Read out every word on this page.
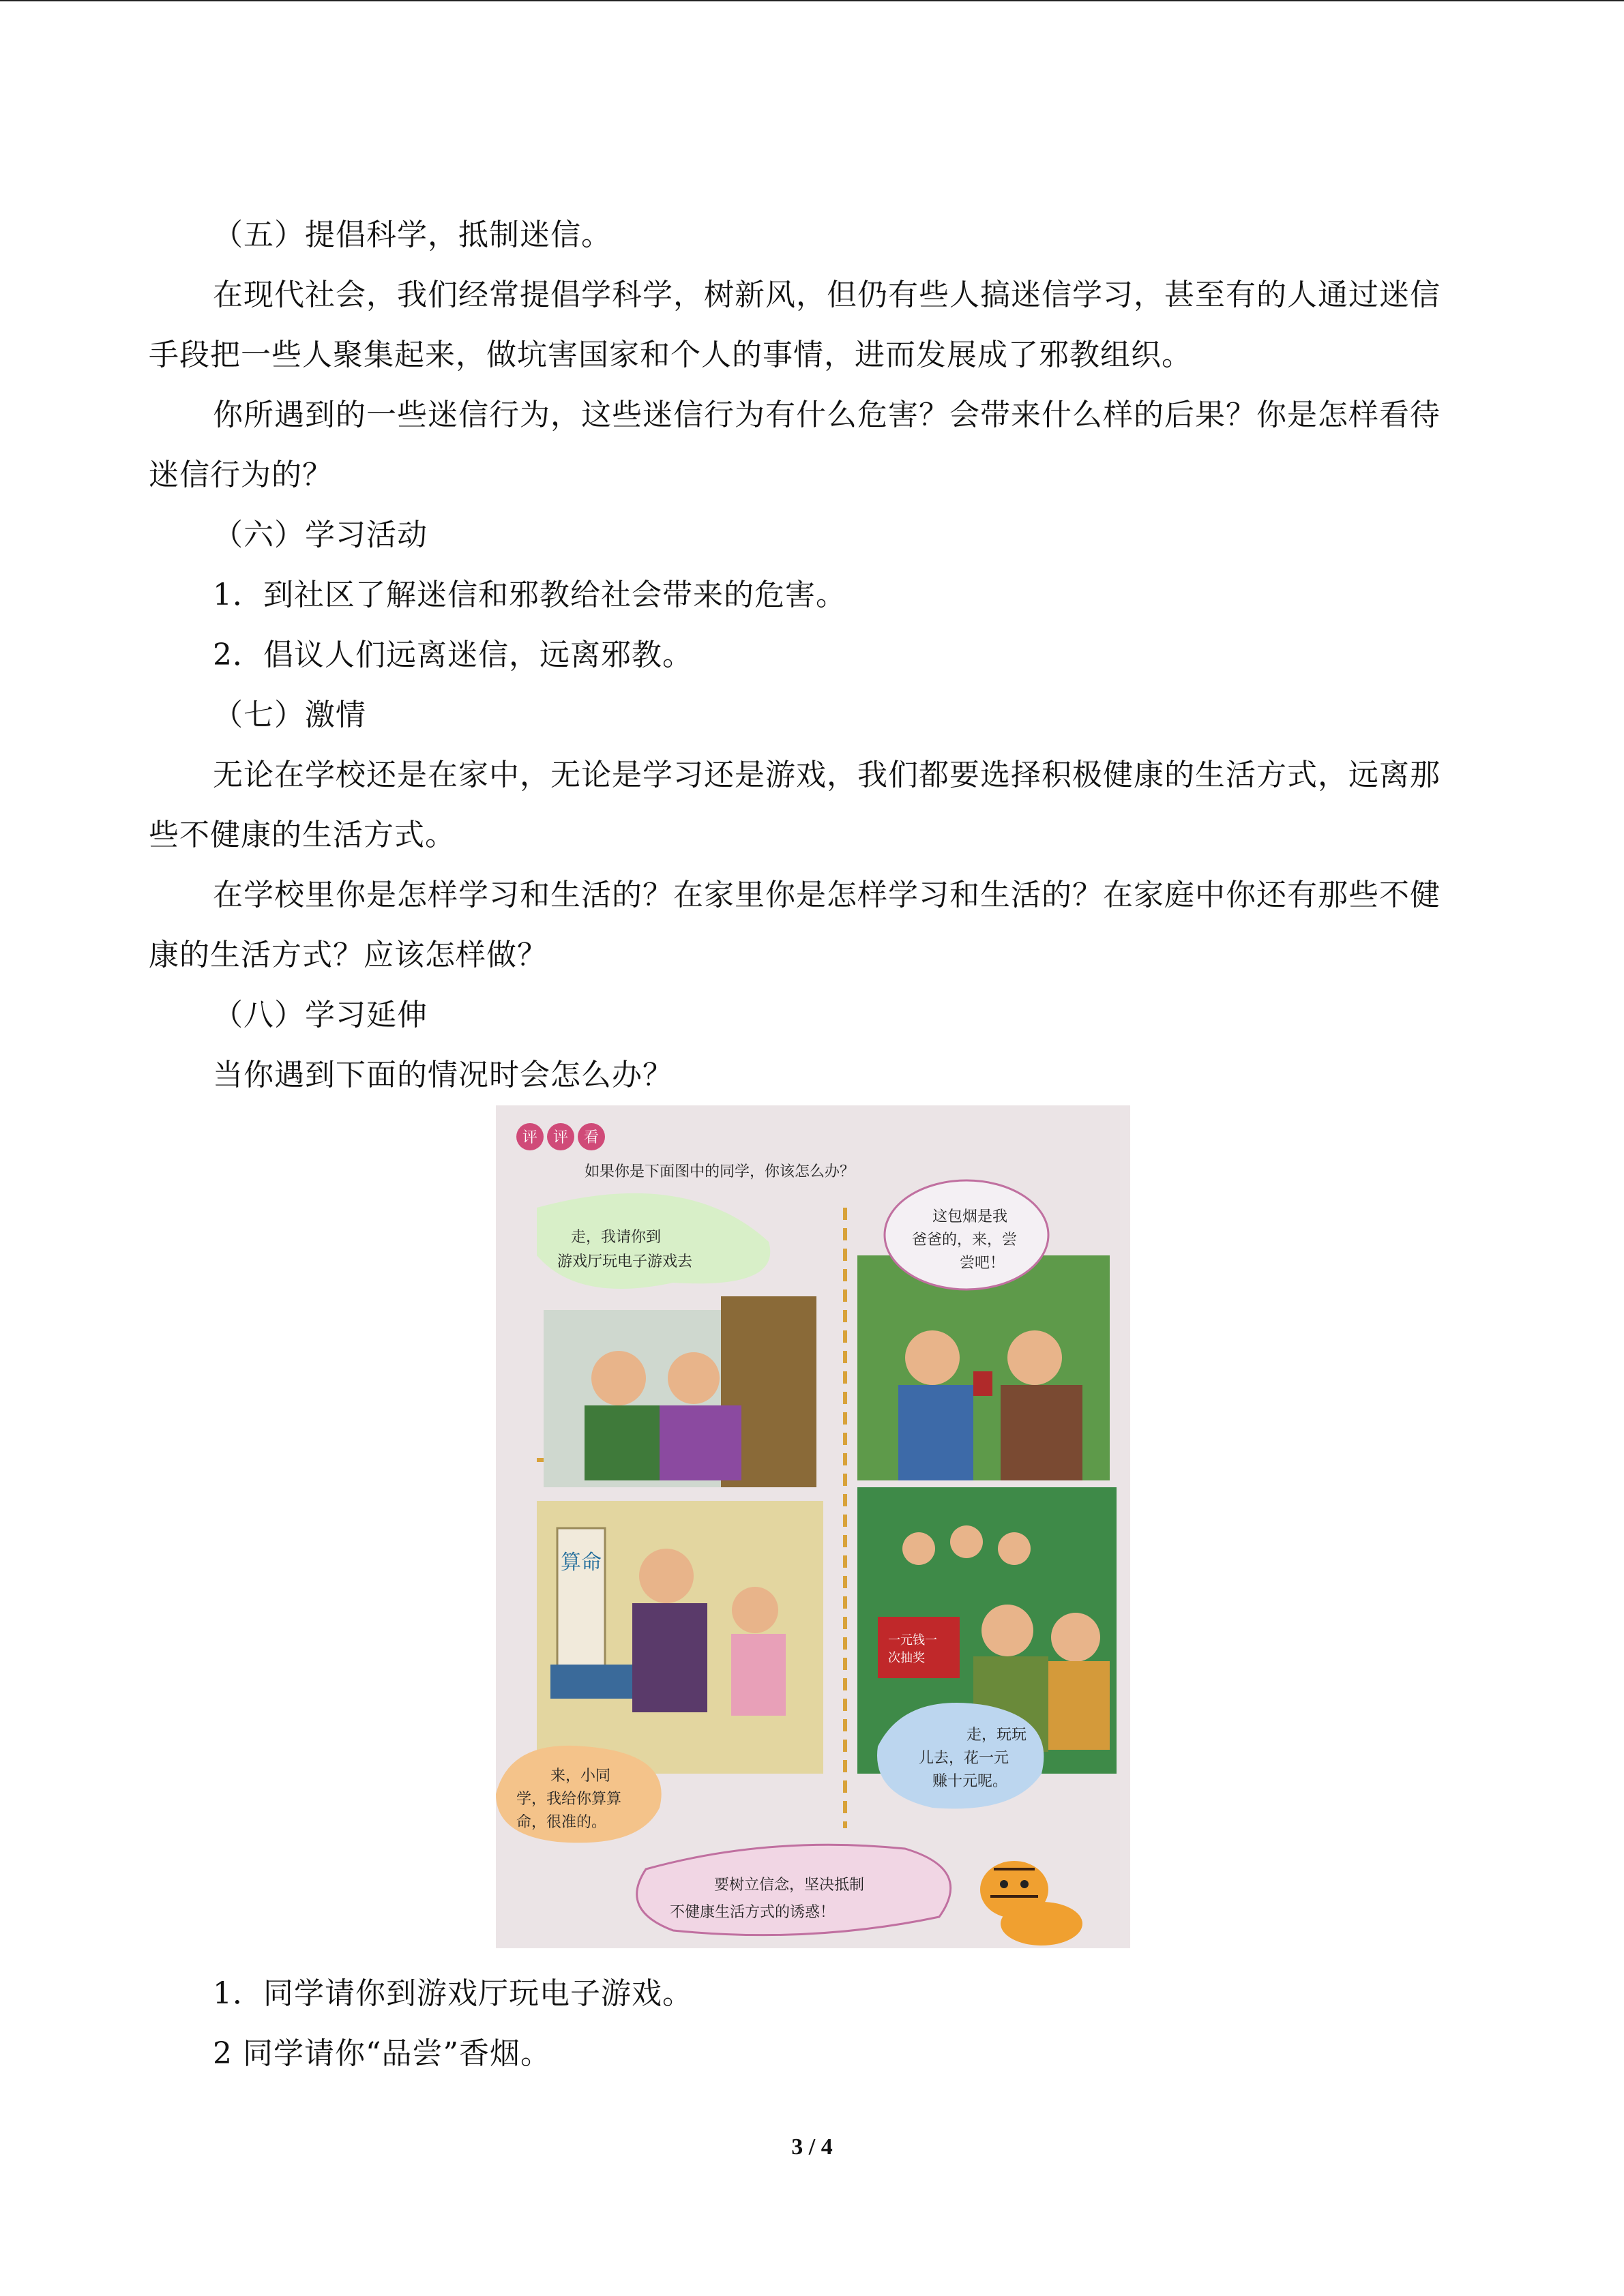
（五）提倡科学，抵制迷信。

在现代社会，我们经常提倡学科学，树新风，但仍有些人搞迷信学习，甚至有的人通过迷信手段把一些人聚集起来，做坑害国家和个人的事情，进而发展成了邪教组织。

你所遇到的一些迷信行为，这些迷信行为有什么危害？会带来什么样的后果？你是怎样看待迷信行为的？

（六）学习活动

1．到社区了解迷信和邪教给社会带来的危害。

2．倡议人们远离迷信，远离邪教。

（七）激情

无论在学校还是在家中，无论是学习还是游戏，我们都要选择积极健康的生活方式，远离那些不健康的生活方式。

在学校里你是怎样学习和生活的？在家里你是怎样学习和生活的？在家庭中你还有那些不健康的生活方式？应该怎样做？

（八）学习延伸

当你遇到下面的情况时会怎么办？

评 评 看
如果你是下面图中的同学，你该怎么办？
走，我请你到
游戏厅玩电子游戏去
这包烟是我
爸爸的，来，尝
尝吧！
算命
来，小同
学，我给你算算
命，很准的。
一元钱一
次抽奖
走，玩玩
儿去，花一元
赚十元呢。
要树立信念，坚决抵制
不健康生活方式的诱惑！

1．同学请你到游戏厅玩电子游戏。

2 同学请你“品尝”香烟。

3 / 4
